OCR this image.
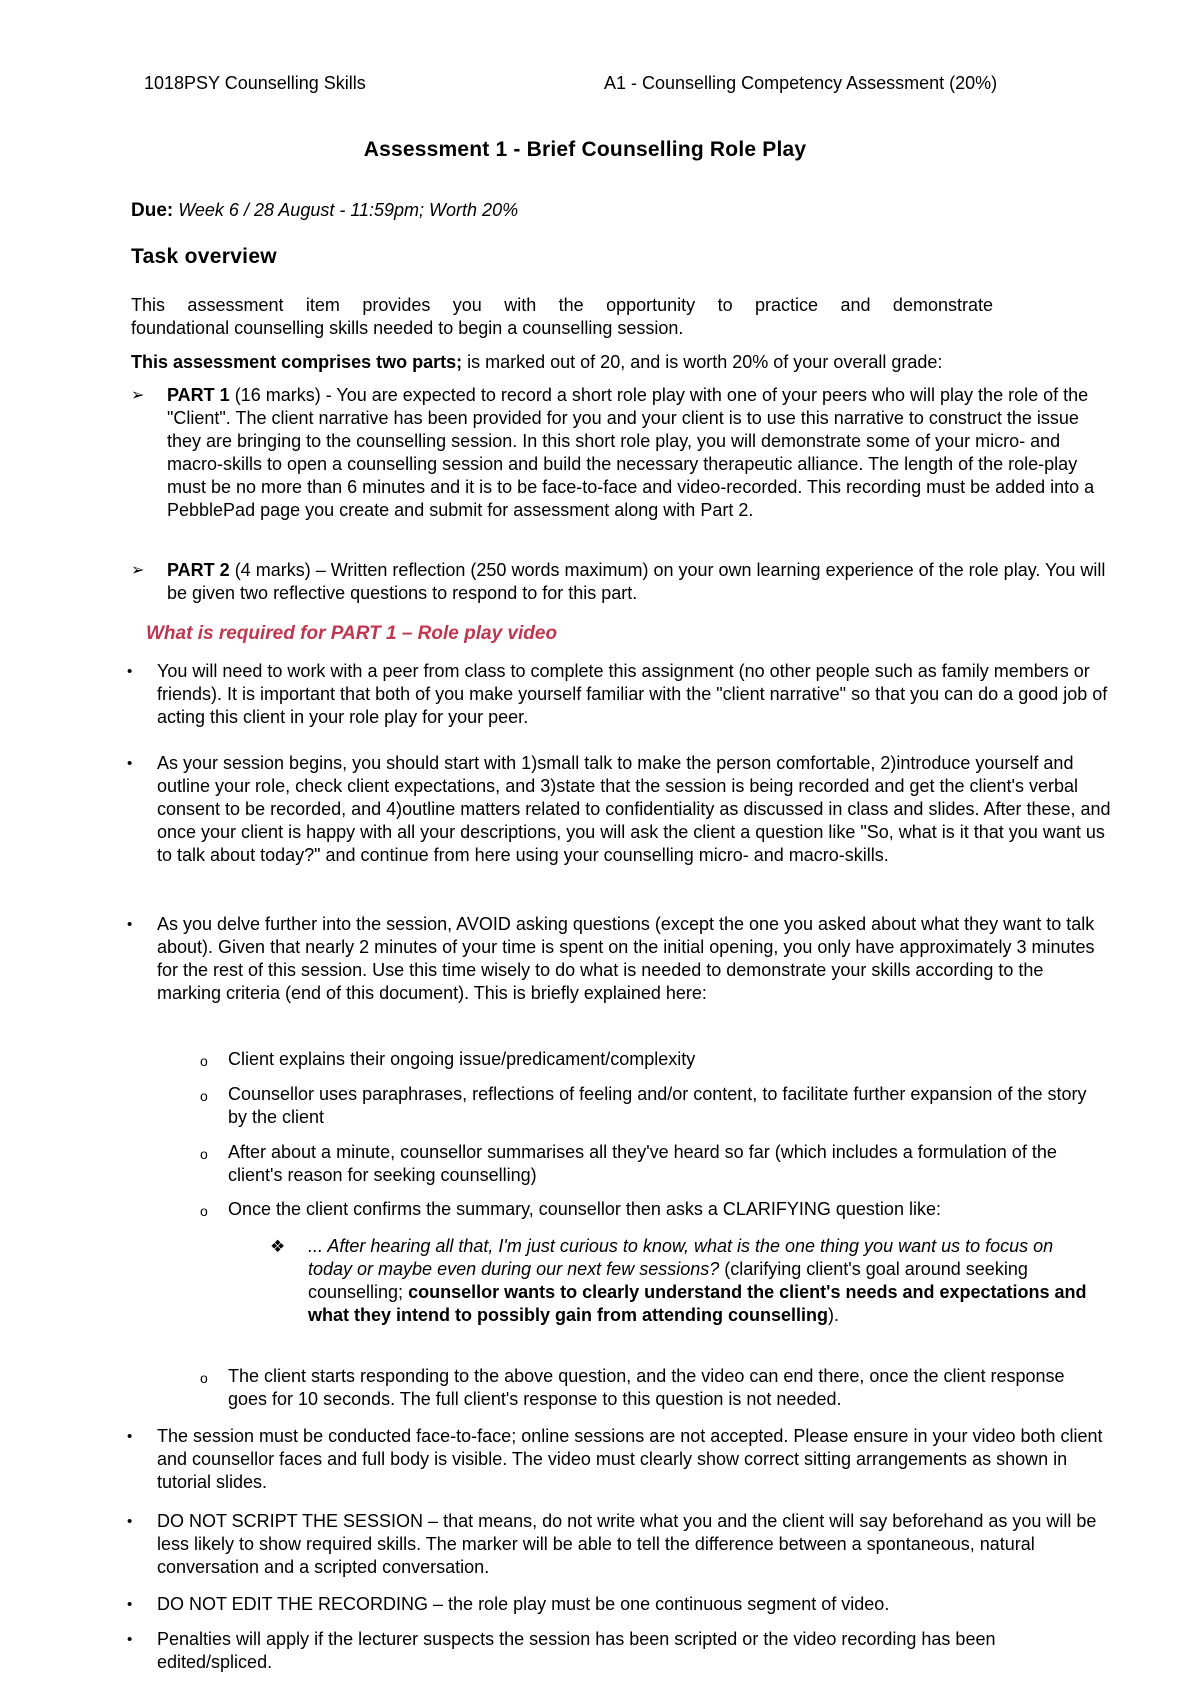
1018PSY Counselling Skills	A1 - Counselling Competency Assessment (20%)
Assessment 1 - Brief Counselling Role Play
Due: Week 6 / 28 August - 11:59pm; Worth 20%
Task overview
This assessment item provides you with the opportunity to practice and demonstrate
foundational counselling skills needed to begin a counselling session.
This assessment comprises two parts; is marked out of 20, and is worth 20% of your overall grade:
➢	PART 1 (16 marks) - You are expected to record a short role play with one of your peers who will play the role of the "Client". The client narrative has been provided for you and your client is to use this narrative to construct the issue they are bringing to the counselling session. In this short role play, you will demonstrate some of your micro- and macro-skills to open a counselling session and build the necessary therapeutic alliance. The length of the role-play must be no more than 6 minutes and it is to be face-to-face and video-recorded. This recording must be added into a PebblePad page you create and submit for assessment along with Part 2.
➢	PART 2 (4 marks) – Written reflection (250 words maximum) on your own learning experience of the role play. You will be given two reflective questions to respond to for this part.
What is required for PART 1 – Role play video
•	You will need to work with a peer from class to complete this assignment (no other people such as family members or friends). It is important that both of you make yourself familiar with the "client narrative" so that you can do a good job of acting this client in your role play for your peer.
•	As your session begins, you should start with 1)small talk to make the person comfortable, 2)introduce yourself and outline your role, check client expectations, and 3)state that the session is being recorded and get the client's verbal consent to be recorded, and 4)outline matters related to confidentiality as discussed in class and slides. After these, and once your client is happy with all your descriptions, you will ask the client a question like "So, what is it that you want us to talk about today?" and continue from here using your counselling micro- and macro-skills.
•	As you delve further into the session, AVOID asking questions (except the one you asked about what they want to talk about). Given that nearly 2 minutes of your time is spent on the initial opening, you only have approximately 3 minutes for the rest of this session. Use this time wisely to do what is needed to demonstrate your skills according to the marking criteria (end of this document). This is briefly explained here:
o Client explains their ongoing issue/predicament/complexity
o Counsellor uses paraphrases, reflections of feeling and/or content, to facilitate further expansion of the story by the client
o After about a minute, counsellor summarises all they've heard so far (which includes a formulation of the client's reason for seeking counselling)
o Once the client confirms the summary, counsellor then asks a CLARIFYING question like:
❖ ... After hearing all that, I'm just curious to know, what is the one thing you want us to focus on today or maybe even during our next few sessions? (clarifying client's goal around seeking counselling; counsellor wants to clearly understand the client's needs and expectations and what they intend to possibly gain from attending counselling).
o The client starts responding to the above question, and the video can end there, once the client response goes for 10 seconds. The full client's response to this question is not needed.
•	The session must be conducted face-to-face; online sessions are not accepted. Please ensure in your video both client and counsellor faces and full body is visible. The video must clearly show correct sitting arrangements as shown in tutorial slides.
•	DO NOT SCRIPT THE SESSION – that means, do not write what you and the client will say beforehand as you will be less likely to show required skills. The marker will be able to tell the difference between a spontaneous, natural conversation and a scripted conversation.
•	DO NOT EDIT THE RECORDING – the role play must be one continuous segment of video.
•	Penalties will apply if the lecturer suspects the session has been scripted or the video recording has been edited/spliced.
